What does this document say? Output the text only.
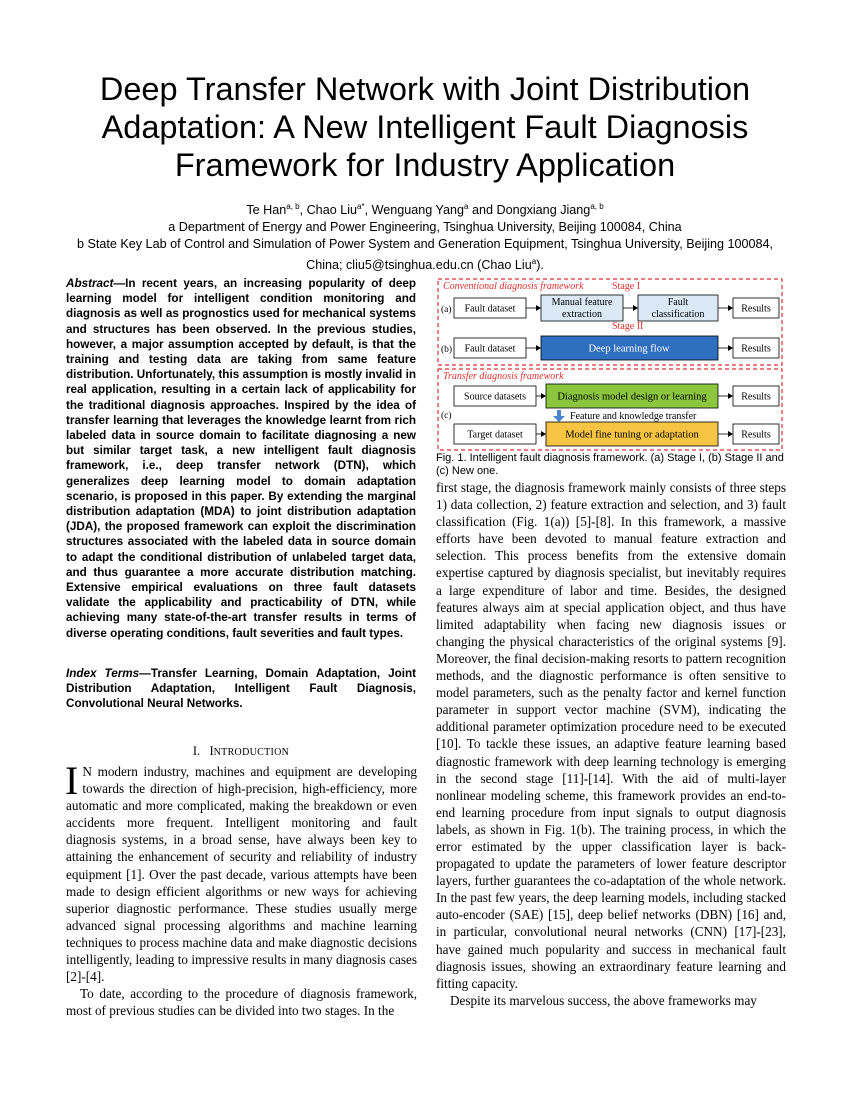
Deep Transfer Network with Joint Distribution
Adaptation: A New Intelligent Fault Diagnosis
Framework for Industry Application
Te Han$^{a, b}$, Chao Liu$^{a*}$, Wenguang Yang$^a$ and Dongxiang Jiang$^{a, b}$
a Department of Energy and Power Engineering, Tsinghua University, Beijing 100084, China
b State Key Lab of Control and Simulation of Power System and Generation Equipment, Tsinghua University, Beijing 100084,
China; cliu5@tsinghua.edu.cn (Chao Liu$^a$).
Abstract—In recent years, an increasing popularity of deep learning model for intelligent condition monitoring and diagnosis as well as prognostics used for mechanical systems and structures has been observed. In the previous studies, however, a major assumption accepted by default, is that the training and testing data are taking from same feature distribution. Unfortunately, this assumption is mostly invalid in real application, resulting in a certain lack of applicability for the traditional diagnosis approaches. Inspired by the idea of transfer learning that leverages the knowledge learnt from rich labeled data in source domain to facilitate diagnosing a new but similar target task, a new intelligent fault diagnosis framework, i.e., deep transfer network (DTN), which generalizes deep learning model to domain adaptation scenario, is proposed in this paper. By extending the marginal distribution adaptation (MDA) to joint distribution adaptation (JDA), the proposed framework can exploit the discrimination structures associated with the labeled data in source domain to adapt the conditional distribution of unlabeled target data, and thus guarantee a more accurate distribution matching. Extensive empirical evaluations on three fault datasets validate the applicability and practicability of DTN, while achieving many state-of-the-art transfer results in terms of diverse operating conditions, fault severities and fault types.
Index Terms—Transfer Learning, Domain Adaptation, Joint Distribution Adaptation, Intelligent Fault Diagnosis, Convolutional Neural Networks.
I. INTRODUCTION

I N modern industry, machines and equipment are developing towards the direction of high-precision, high-efficiency, more automatic and more complicated, making the breakdown or even accidents more frequent. Intelligent monitoring and fault diagnosis systems, in a broad sense, have always been key to attaining the enhancement of security and reliability of industry equipment [1]. Over the past decade, various attempts have been made to design efficient algorithms or new ways for achieving superior diagnostic performance. These studies usually merge advanced signal processing algorithms and machine learning techniques to process machine data and make diagnostic decisions intelligently, leading to impressive results in many diagnosis cases [2]-[4].

To date, according to the procedure of diagnosis framework, most of previous studies can be divided into two stages. In the

Conventional diagnosis framework	Stage I
Stage II
(a) Fault dataset
Manual feature
extraction
Fault
classification	Results
(b) Fault dataset	Deep learning flow	Results
Transfer diagnosis framework
(c)
Source datasets	Diagnosis model design or learning	Results
Feature and knowledge transfer
Target dataset	Model fine tuning or adaptation	Results
Fig. 1. Intelligent fault diagnosis framework. (a) Stage I, (b) Stage II and (c) New one.

first stage, the diagnosis framework mainly consists of three steps 1) data collection, 2) feature extraction and selection, and 3) fault classification (Fig. 1(a)) [5]-[8]. In this framework, a massive efforts have been devoted to manual feature extraction and selection. This process benefits from the extensive domain expertise captured by diagnosis specialist, but inevitably requires a large expenditure of labor and time. Besides, the designed features always aim at special application object, and thus have limited adaptability when facing new diagnosis issues or changing the physical characteristics of the original systems [9]. Moreover, the final decision-making resorts to pattern recognition methods, and the diagnostic performance is often sensitive to model parameters, such as the penalty factor and kernel function parameter in support vector machine (SVM), indicating the additional parameter optimization procedure need to be executed [10]. To tackle these issues, an adaptive feature learning based diagnostic framework with deep learning technology is emerging in the second stage [11]-[14]. With the aid of multi-layer nonlinear modeling scheme, this framework provides an end-to-end learning procedure from input signals to output diagnosis labels, as shown in Fig. 1(b). The training process, in which the error estimated by the upper classification layer is back-propagated to update the parameters of lower feature descriptor layers, further guarantees the co-adaptation of the whole network. In the past few years, the deep learning models, including stacked auto-encoder (SAE) [15], deep belief networks (DBN) [16] and, in particular, convolutional neural networks (CNN) [17]-[23], have gained much popularity and success in mechanical fault diagnosis issues, showing an extraordinary feature learning and fitting capacity.

Despite its marvelous success, the above frameworks may
